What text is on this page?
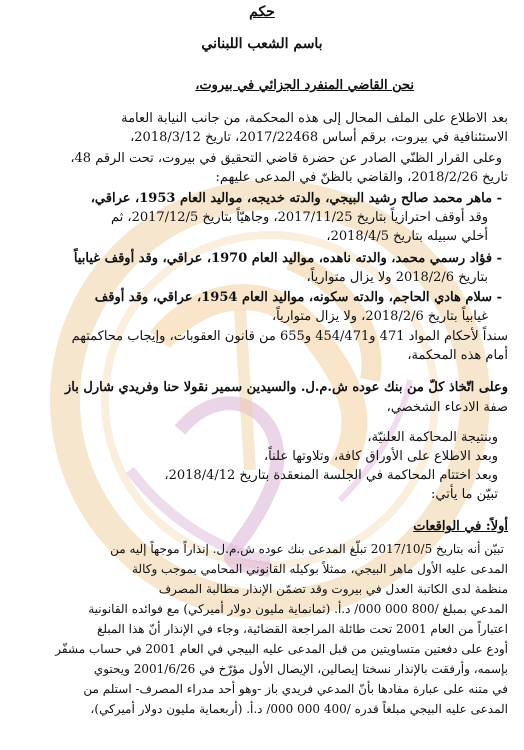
حكم
باسم الشعب اللبناني
نحن القاضي المنفرد الجزائي في بيروت،
بعد الاطلاع على الملف المحال إلى هذه المحكمة، من جانب النيابة العامة
الاستئنافية في بيروت، برقم أساس 2017/22468، تاريخ 2018/3/12،
وعلى القرار الظنّي الصادر عن حضرة قاضي التحقيق في بيروت، تحت الرقم 48،
تاريخ 2018/2/26، والقاضي بالظنّ في المدعى عليهم:
- ماهر محمد صالح رشيد البيجي، والدته خديجه، مواليد العام 1953، عراقي،
وقد أوقف احترازياً بتاريخ 2017/11/25، وجاهيّاً بتاريخ 2017/12/5، ثم
أخلي سبيله بتاريخ 2018/4/5،
- فؤاد رسمي محمد، والدته ناهده، مواليد العام 1970، عراقي، وقد أوقف غيابياً
بتاريخ 2018/2/6 ولا يزال متوارياً،
- سلام هادي الحاجم، والدته سكونه، مواليد العام 1954، عراقي، وقد أوقف
غيابياً بتاريخ 2018/2/6، ولا يزال متوارياً،
سنداً لأحكام المواد 471 و454/471 و655 من قانون العقوبات، وإيجاب محاكمتهم
أمام هذه المحكمة،
وعلى اتّخاذ كلّ من بنك عوده ش.م.ل. والسيدين سمير نقولا حنا وفريدي شارل باز
صفة الادعاء الشخصي،
وبنتيجة المحاكمة العلنيّة،
وبعد الاطلاع على الأوراق كافة، وتلاوتها علناً،
وبعد اختتام المحاكمة في الجلسة المنعقدة بتاريخ 2018/4/12،
تبيّن ما يأتي:
أولاً: في الواقعات
تبيّن أنه بتاريخ 2017/10/5 تبلّغ المدعى بنك عوده ش.م.ل. إنذاراً موجهاً إليه من
المدعى عليه الأول ماهر البيجي، ممثلاً بوكيله القانوني المحامي بموجب وكالة
منظمة لدى الكاتبة العدل في بيروت وقد تضمّن الإنذار مطالبة المصرف
المدعي بمبلغ /800 000 000/ د.أ. (ثمانماية مليون دولار أميركي) مع فوائده القانونية
اعتباراً من العام 2001 تحت طائلة المراجعة القضائية، وجاء في الإنذار أنّ هذا المبلغ
أودع على دفعتين متساويتين من قبل المدعى عليه البيجي في العام 2001 في حساب مشفّر
بإسمه، وأرفقت بالإنذار نسختا إيصالين، الإيصال الأول مؤرّخ في 2001/6/26 ويحتوي
في متنه على عبارة مفادها بأنّ المدعي فريدي باز -وهو أحد مدراء المصرف- استلم من
المدعى عليه البيجي مبلغاً قدره /400 000 000/ د.أ. (أربعماية مليون دولار أميركي)،
